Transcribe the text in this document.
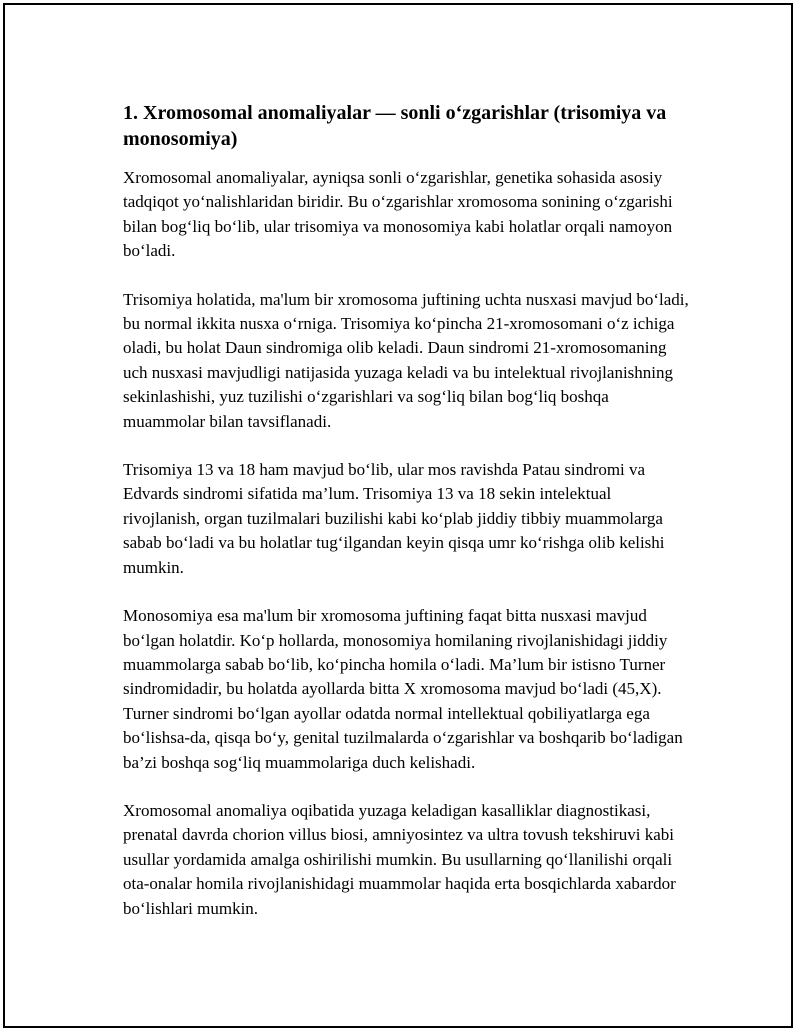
1. Xromosomal anomaliyalar — sonli o‘zgarishlar (trisomiya va monosomiya)

Xromosomal anomaliyalar, ayniqsa sonli o‘zgarishlar, genetika sohasida asosiy tadqiqot yo‘nalishlaridan biridir. Bu o‘zgarishlar xromosoma sonining o‘zgarishi bilan bog‘liq bo‘lib, ular trisomiya va monosomiya kabi holatlar orqali namoyon bo‘ladi.

Trisomiya holatida, ma'lum bir xromosoma juftining uchta nusxasi mavjud bo‘ladi, bu normal ikkita nusxa o‘rniga. Trisomiya ko‘pincha 21-xromosomani o‘z ichiga oladi, bu holat Daun sindromiga olib keladi. Daun sindromi 21-xromosomaning uch nusxasi mavjudligi natijasida yuzaga keladi va bu intelektual rivojlanishning sekinlashishi, yuz tuzilishi o‘zgarishlari va sog‘liq bilan bog‘liq boshqa muammolar bilan tavsiflanadi.

Trisomiya 13 va 18 ham mavjud bo‘lib, ular mos ravishda Patau sindromi va Edvards sindromi sifatida ma’lum. Trisomiya 13 va 18 sekin intelektual rivojlanish, organ tuzilmalari buzilishi kabi ko‘plab jiddiy tibbiy muammolarga sabab bo‘ladi va bu holatlar tug‘ilgandan keyin qisqa umr ko‘rishga olib kelishi mumkin.

Monosomiya esa ma'lum bir xromosoma juftining faqat bitta nusxasi mavjud bo‘lgan holatdir. Ko‘p hollarda, monosomiya homilaning rivojlanishidagi jiddiy muammolarga sabab bo‘lib, ko‘pincha homila o‘ladi. Ma’lum bir istisno Turner sindromidadir, bu holatda ayollarda bitta X xromosoma mavjud bo‘ladi (45,X). Turner sindromi bo‘lgan ayollar odatda normal intellektual qobiliyatlarga ega bo‘lishsa-da, qisqa bo‘y, genital tuzilmalarda o‘zgarishlar va boshqarib bo‘ladigan ba’zi boshqa sog‘liq muammolariga duch kelishadi.

Xromosomal anomaliya oqibatida yuzaga keladigan kasalliklar diagnostikasi, prenatal davrda chorion villus biosi, amniyosintez va ultra tovush tekshiruvi kabi usullar yordamida amalga oshirilishi mumkin. Bu usullarning qo‘llanilishi orqali ota-onalar homila rivojlanishidagi muammolar haqida erta bosqichlarda xabardor bo‘lishlari mumkin.
